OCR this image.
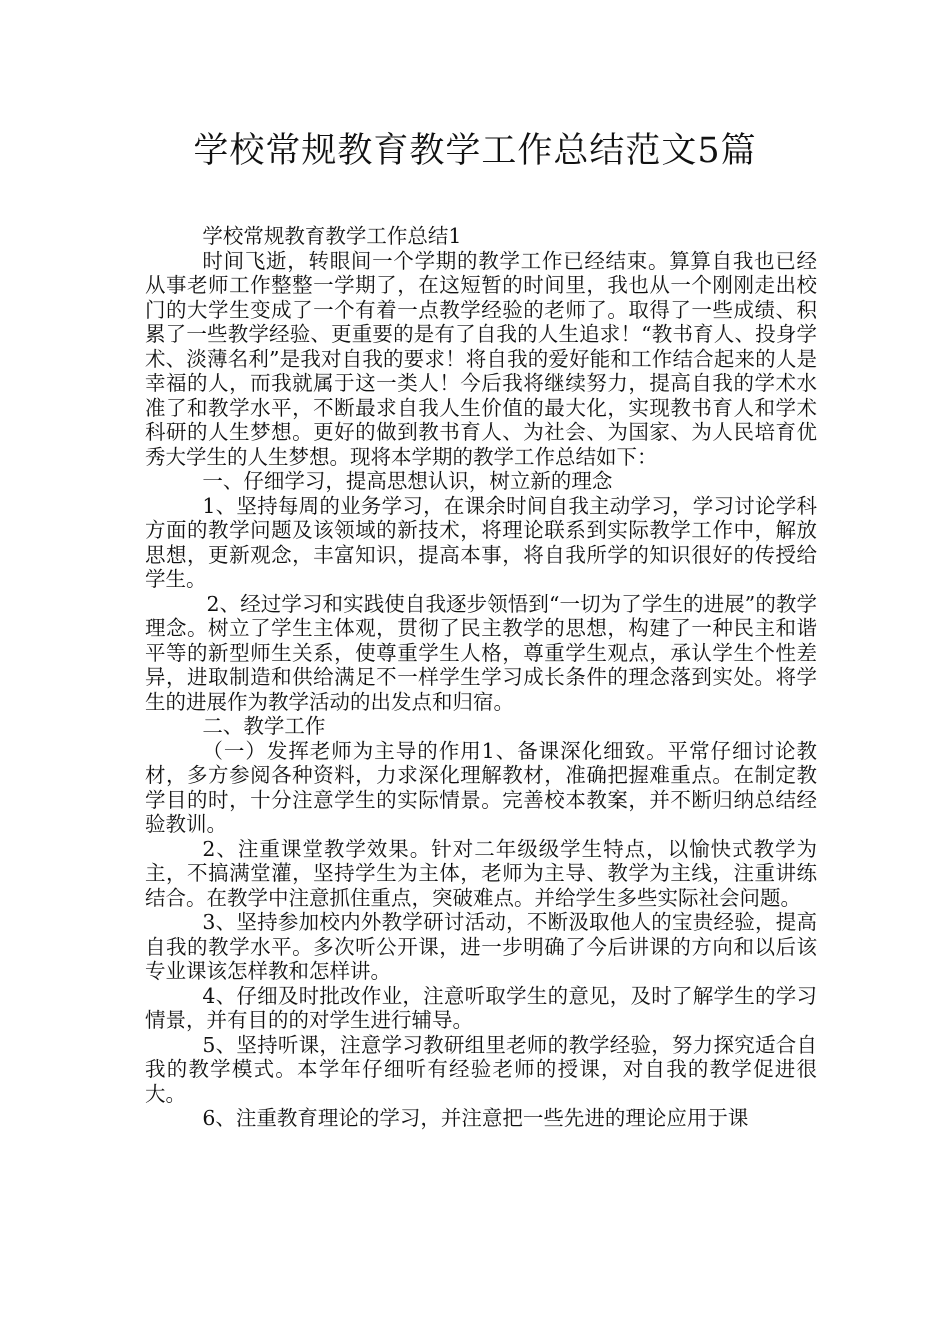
学校常规教育教学工作总结范文5篇

学校常规教育教学工作总结1

时间飞逝，转眼间一个学期的教学工作已经结束。算算自我也已经从事老师工作整整一学期了，在这短暂的时间里，我也从一个刚刚走出校门的大学生变成了一个有着一点教学经验的老师了。取得了一些成绩、积累了一些教学经验、更重要的是有了自我的人生追求！“教书育人、投身学术、淡薄名利”是我对自我的要求！将自我的爱好能和工作结合起来的人是幸福的人，而我就属于这一类人！今后我将继续努力，提高自我的学术水准了和教学水平，不断最求自我人生价值的最大化，实现教书育人和学术科研的人生梦想。更好的做到教书育人、为社会、为国家、为人民培育优秀大学生的人生梦想。现将本学期的教学工作总结如下：

一、仔细学习，提高思想认识，树立新的理念

1、坚持每周的业务学习，在课余时间自我主动学习，学习讨论学科方面的教学问题及该领域的新技术，将理论联系到实际教学工作中，解放思想，更新观念，丰富知识，提高本事，将自我所学的知识很好的传授给学生。

2、经过学习和实践使自我逐步领悟到“一切为了学生的进展”的教学理念。树立了学生主体观，贯彻了民主教学的思想，构建了一种民主和谐平等的新型师生关系，使尊重学生人格，尊重学生观点，承认学生个性差异，进取制造和供给满足不一样学生学习成长条件的理念落到实处。将学生的进展作为教学活动的出发点和归宿。

二、教学工作

（一）发挥老师为主导的作用1、备课深化细致。平常仔细讨论教材，多方参阅各种资料，力求深化理解教材，准确把握难重点。在制定教学目的时，十分注意学生的实际情景。完善校本教案，并不断归纳总结经验教训。

2、注重课堂教学效果。针对二年级级学生特点，以愉快式教学为主，不搞满堂灌，坚持学生为主体，老师为主导、教学为主线，注重讲练结合。在教学中注意抓住重点，突破难点。并给学生多些实际社会问题。

3、坚持参加校内外教学研讨活动，不断汲取他人的宝贵经验，提高自我的教学水平。多次听公开课，进一步明确了今后讲课的方向和以后该专业课该怎样教和怎样讲。

4、仔细及时批改作业，注意听取学生的意见，及时了解学生的学习情景，并有目的的对学生进行辅导。

5、坚持听课，注意学习教研组里老师的教学经验，努力探究适合自我的教学模式。本学年仔细听有经验老师的授课，对自我的教学促进很大。

6、注重教育理论的学习，并注意把一些先进的理论应用于课
